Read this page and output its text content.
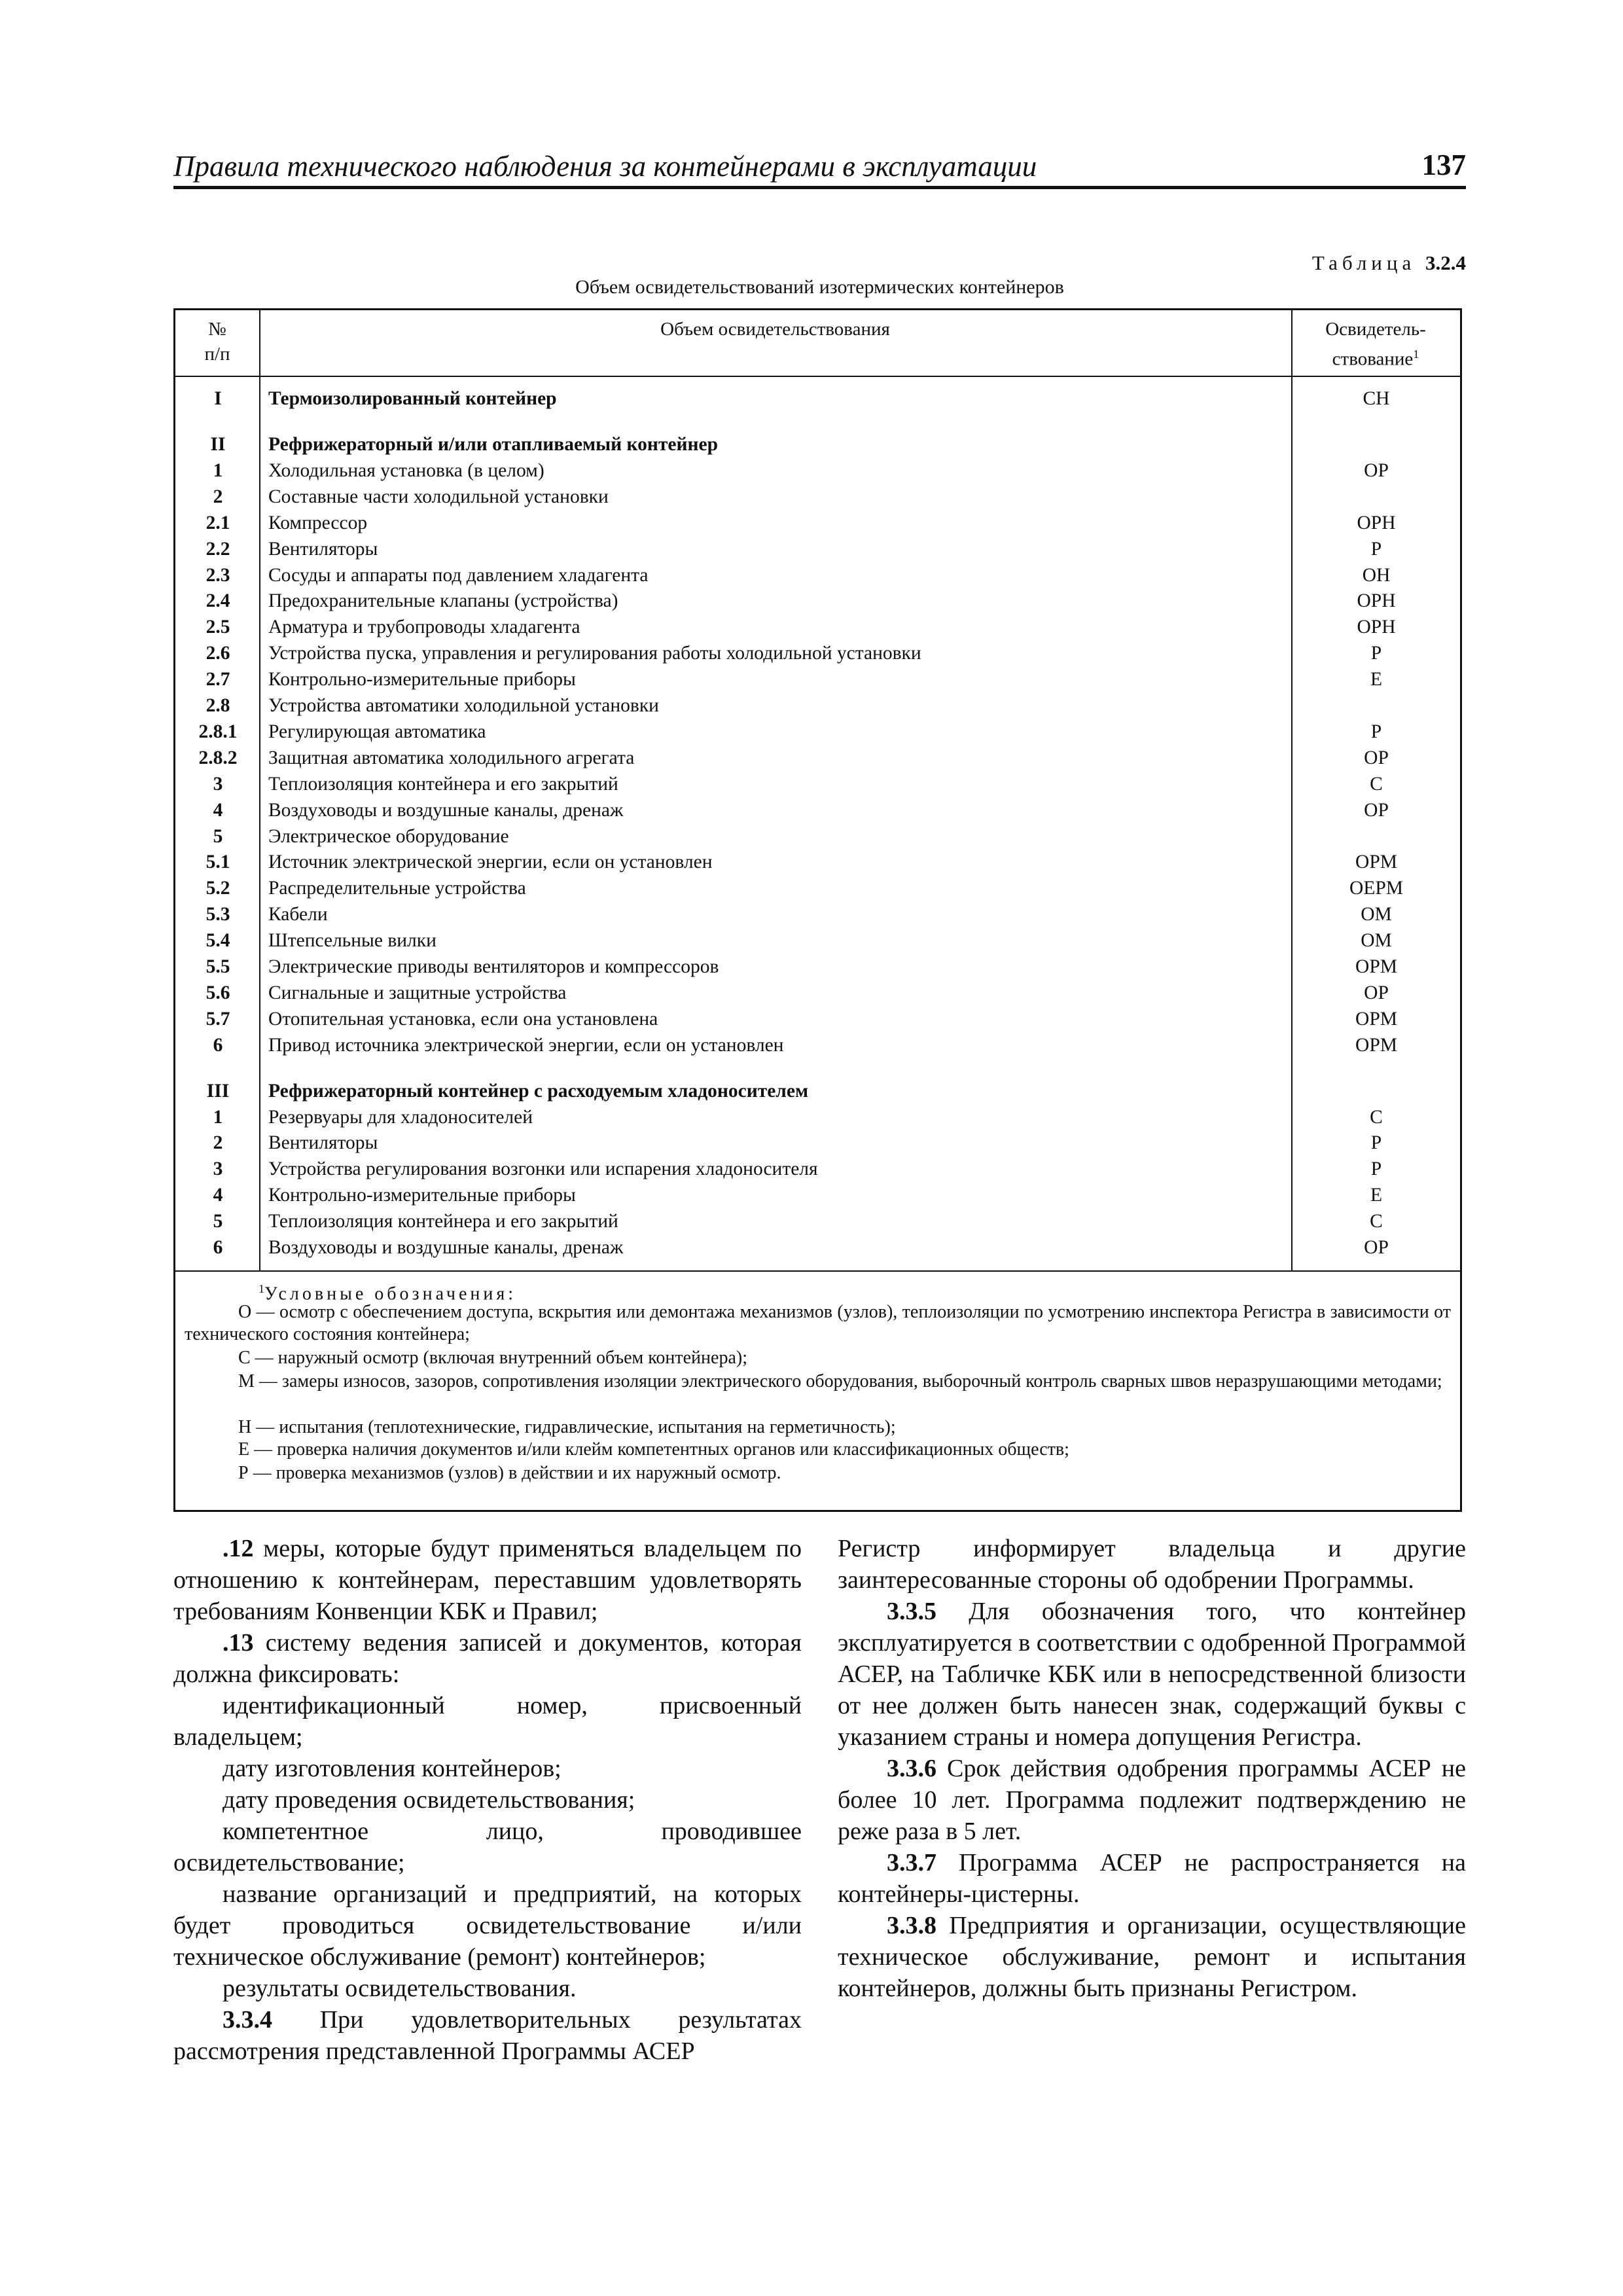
Правила технического наблюдения за контейнерами в эксплуатации	137
Таблица 3.2.4
Объем освидетельствований изотермических контейнеров
№
п/п
Объем освидетельствования	Освидетель-
ствование$^1$
I	Термоизолированный контейнер	СН
II	Рефрижераторный и/или отапливаемый контейнер
1	Холодильная установка (в целом)	ОР
2	Составные части холодильной установки
2.1	Компрессор	ОРН
2.2	Вентиляторы	Р
2.3	Сосуды и аппараты под давлением хладагента	ОН
2.4	Предохранительные клапаны (устройства)	ОРН
2.5	Арматура и трубопроводы хладагента	ОРН
2.6	Устройства пуска, управления и регулирования работы холодильной установки	Р
2.7	Контрольно-измерительные приборы	Е
2.8	Устройства автоматики холодильной установки
2.8.1	Регулирующая автоматика	Р
2.8.2	Защитная автоматика холодильного агрегата	ОР
3	Теплоизоляция контейнера и его закрытий	С
4	Воздуховоды и воздушные каналы, дренаж	ОР
5	Электрическое оборудование
5.1	Источник электрической энергии, если он установлен	ОРМ
5.2	Распределительные устройства	ОЕРМ
5.3	Кабели	ОМ
5.4	Штепсельные вилки	ОМ
5.5	Электрические приводы вентиляторов и компрессоров	ОРМ
5.6	Сигнальные и защитные устройства	ОР
5.7	Отопительная установка, если она установлена	ОРМ
6	Привод источника электрической энергии, если он установлен	ОРМ
III	Рефрижераторный контейнер с расходуемым хладоносителем
1	Резервуары для хладоносителей	С
2	Вентиляторы	Р
3	Устройства регулирования возгонки или испарения хладоносителя	Р
4	Контрольно-измерительные приборы	Е
5	Теплоизоляция контейнера и его закрытий	С
6	Воздуховоды и воздушные каналы, дренаж	ОР
$^1$Условные обозначения:
О — осмотр с обеспечением доступа, вскрытия или демонтажа механизмов (узлов), теплоизоляции по усмотрению инспектора Регистра в зависимости от технического состояния контейнера;
С — наружный осмотр (включая внутренний объем контейнера);
М — замеры износов, зазоров, сопротивления изоляции электрического оборудования, выборочный контроль сварных швов неразрушающими методами;
Н — испытания (теплотехнические, гидравлические, испытания на герметичность);
Е — проверка наличия документов и/или клейм компетентных органов или классификационных обществ;
Р — проверка механизмов (узлов) в действии и их наружный осмотр.

.12 меры, которые будут применяться владельцем по отношению к контейнерам, переставшим удовлетворять требованиям Конвенции КБК и Правил;

.13 систему ведения записей и документов, которая должна фиксировать:

идентификационный номер, присвоенный владельцем;

дату изготовления контейнеров;

дату проведения освидетельствования;

компетентное лицо, проводившее освидетельствование;

название организаций и предприятий, на которых будет проводиться освидетельствование и/или техническое обслуживание (ремонт) контейнеров;

результаты освидетельствования.

3.3.4 При удовлетворительных результатах рассмотрения представленной Программы АСЕР

Регистр информирует владельца и другие заинтересованные стороны об одобрении Программы.

3.3.5 Для обозначения того, что контейнер эксплуатируется в соответствии с одобренной Программой АСЕР, на Табличке КБК или в непосредственной близости от нее должен быть нанесен знак, содержащий буквы с указанием страны и номера допущения Регистра.

3.3.6 Срок действия одобрения программы АСЕР не более 10 лет. Программа подлежит подтверждению не реже раза в 5 лет.

3.3.7 Программа АСЕР не распространяется на контейнеры-цистерны.

3.3.8 Предприятия и организации, осуществляющие техническое обслуживание, ремонт и испытания контейнеров, должны быть признаны Регистром.
